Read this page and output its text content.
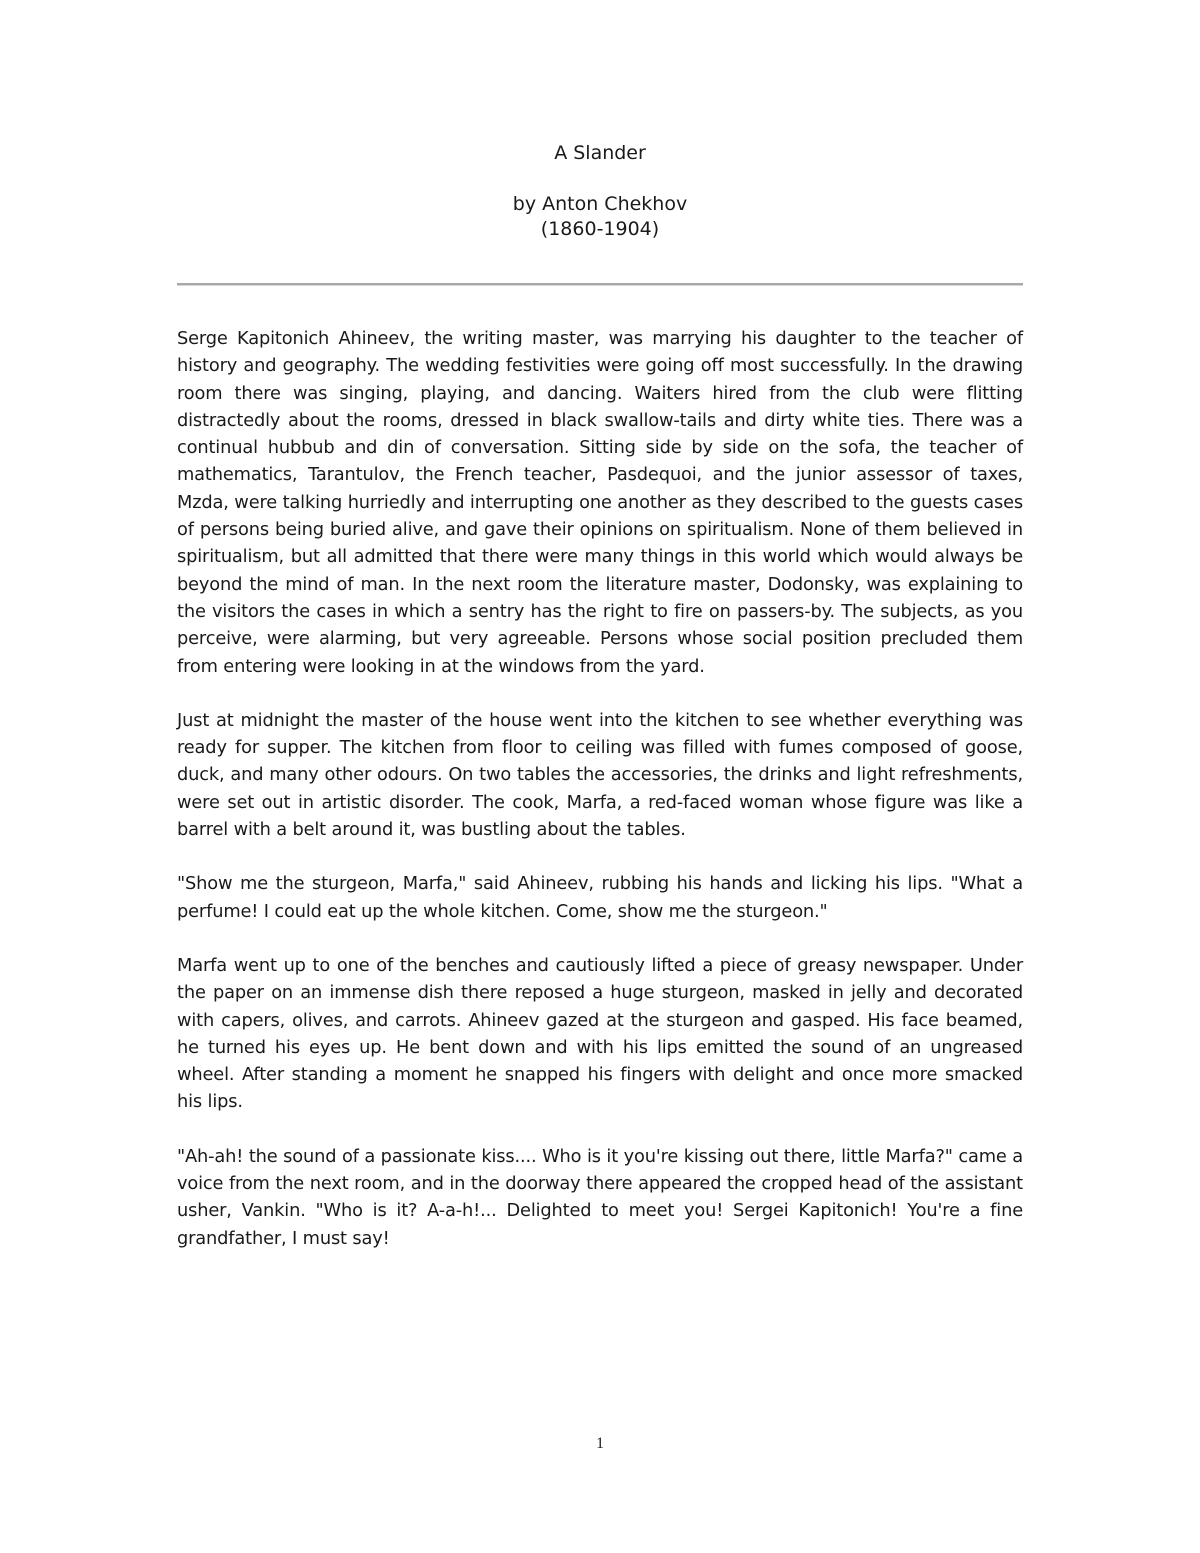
A Slander
by Anton Chekhov
(1860-1904)

Serge Kapitonich Ahineev, the writing master, was marrying his daughter to the teacher of history and geography. The wedding festivities were going off most successfully. In the drawing room there was singing, playing, and dancing. Waiters hired from the club were flitting distractedly about the rooms, dressed in black swallow-tails and dirty white ties. There was a continual hubbub and din of conversation. Sitting side by side on the sofa, the teacher of mathematics, Tarantulov, the French teacher, Pasdequoi, and the junior assessor of taxes, Mzda, were talking hurriedly and interrupting one another as they described to the guests cases of persons being buried alive, and gave their opinions on spiritualism. None of them believed in spiritualism, but all admitted that there were many things in this world which would always be beyond the mind of man. In the next room the literature master, Dodonsky, was explaining to the visitors the cases in which a sentry has the right to fire on passers-by. The subjects, as you perceive, were alarming, but very agreeable. Persons whose social position precluded them from entering were looking in at the windows from the yard.

Just at midnight the master of the house went into the kitchen to see whether everything was ready for supper. The kitchen from floor to ceiling was filled with fumes composed of goose, duck, and many other odours. On two tables the accessories, the drinks and light refreshments, were set out in artistic disorder. The cook, Marfa, a red-faced woman whose figure was like a barrel with a belt around it, was bustling about the tables.

"Show me the sturgeon, Marfa," said Ahineev, rubbing his hands and licking his lips. "What a perfume! I could eat up the whole kitchen. Come, show me the sturgeon."

Marfa went up to one of the benches and cautiously lifted a piece of greasy newspaper. Under the paper on an immense dish there reposed a huge sturgeon, masked in jelly and decorated with capers, olives, and carrots. Ahineev gazed at the sturgeon and gasped. His face beamed, he turned his eyes up. He bent down and with his lips emitted the sound of an ungreased wheel. After standing a moment he snapped his fingers with delight and once more smacked his lips.

"Ah-ah! the sound of a passionate kiss.... Who is it you're kissing out there, little Marfa?" came a voice from the next room, and in the doorway there appeared the cropped head of the assistant usher, Vankin. "Who is it? A-a-h!... Delighted to meet you! Sergei Kapitonich! You're a fine grandfather, I must say!

1
